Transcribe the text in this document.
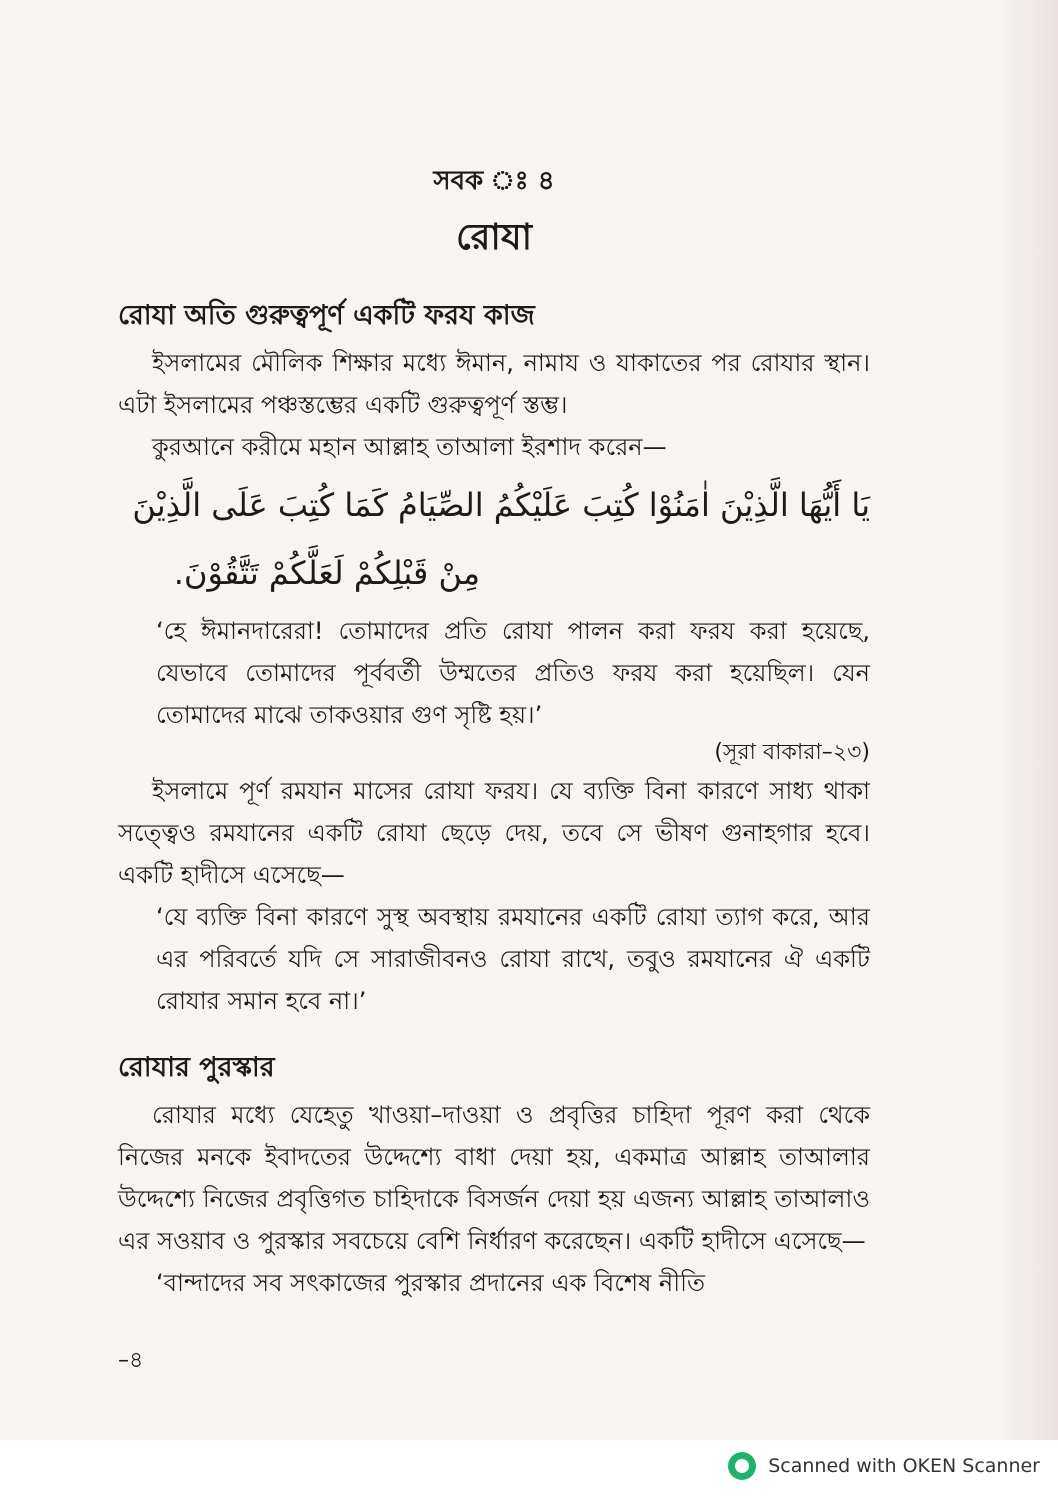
সবক ঃ ৪
রোযা
রোযা অতি গুরুত্বপূর্ণ একটি ফরয কাজ

ইসলামের মৌলিক শিক্ষার মধ্যে ঈমান, নামায ও যাকাতের পর রোযার স্থান। এটা ইসলামের পঞ্চস্তম্ভের একটি গুরুত্বপূর্ণ স্তম্ভ।

কুরআনে করীমে মহান আল্লাহ তাআলা ইরশাদ করেন—

يَا أَيُّهَا الَّذِيْنَ اٰمَنُوْا كُتِبَ عَلَيْكُمُ الصِّيَامُ كَمَا كُتِبَ عَلَى الَّذِيْنَ
مِنْ قَبْلِكُمْ لَعَلَّكُمْ تَتَّقُوْنَ.

‘হে ঈমানদারেরা! তোমাদের প্রতি রোযা পালন করা ফরয করা হয়েছে, যেভাবে তোমাদের পূর্ববর্তী উম্মতের প্রতিও ফরয করা হয়েছিল। যেন তোমাদের মাঝে তাকওয়ার গুণ সৃষ্টি হয়।’

(সূরা বাকারা–২৩)

ইসলামে পূর্ণ রমযান মাসের রোযা ফরয। যে ব্যক্তি বিনা কারণে সাধ্য থাকা সত্ত্বেও রমযানের একটি রোযা ছেড়ে দেয়, তবে সে ভীষণ গুনাহগার হবে। একটি হাদীসে এসেছে—

‘যে ব্যক্তি বিনা কারণে সুস্থ অবস্থায় রমযানের একটি রোযা ত্যাগ করে, আর এর পরিবর্তে যদি সে সারাজীবনও রোযা রাখে, তবুও রমযানের ঐ একটি রোযার সমান হবে না।’

রোযার পুরস্কার

রোযার মধ্যে যেহেতু খাওয়া–দাওয়া ও প্রবৃত্তির চাহিদা পূরণ করা থেকে নিজের মনকে ইবাদতের উদ্দেশ্যে বাধা দেয়া হয়, একমাত্র আল্লাহ তাআলার উদ্দেশ্যে নিজের প্রবৃত্তিগত চাহিদাকে বিসর্জন দেয়া হয় এজন্য আল্লাহ তাআলাও এর সওয়াব ও পুরস্কার সবচেয়ে বেশি নির্ধারণ করেছেন। একটি হাদীসে এসেছে—

‘বান্দাদের সব সৎকাজের পুরস্কার প্রদানের এক বিশেষ নীতি

–৪
Scanned with OKEN Scanner
